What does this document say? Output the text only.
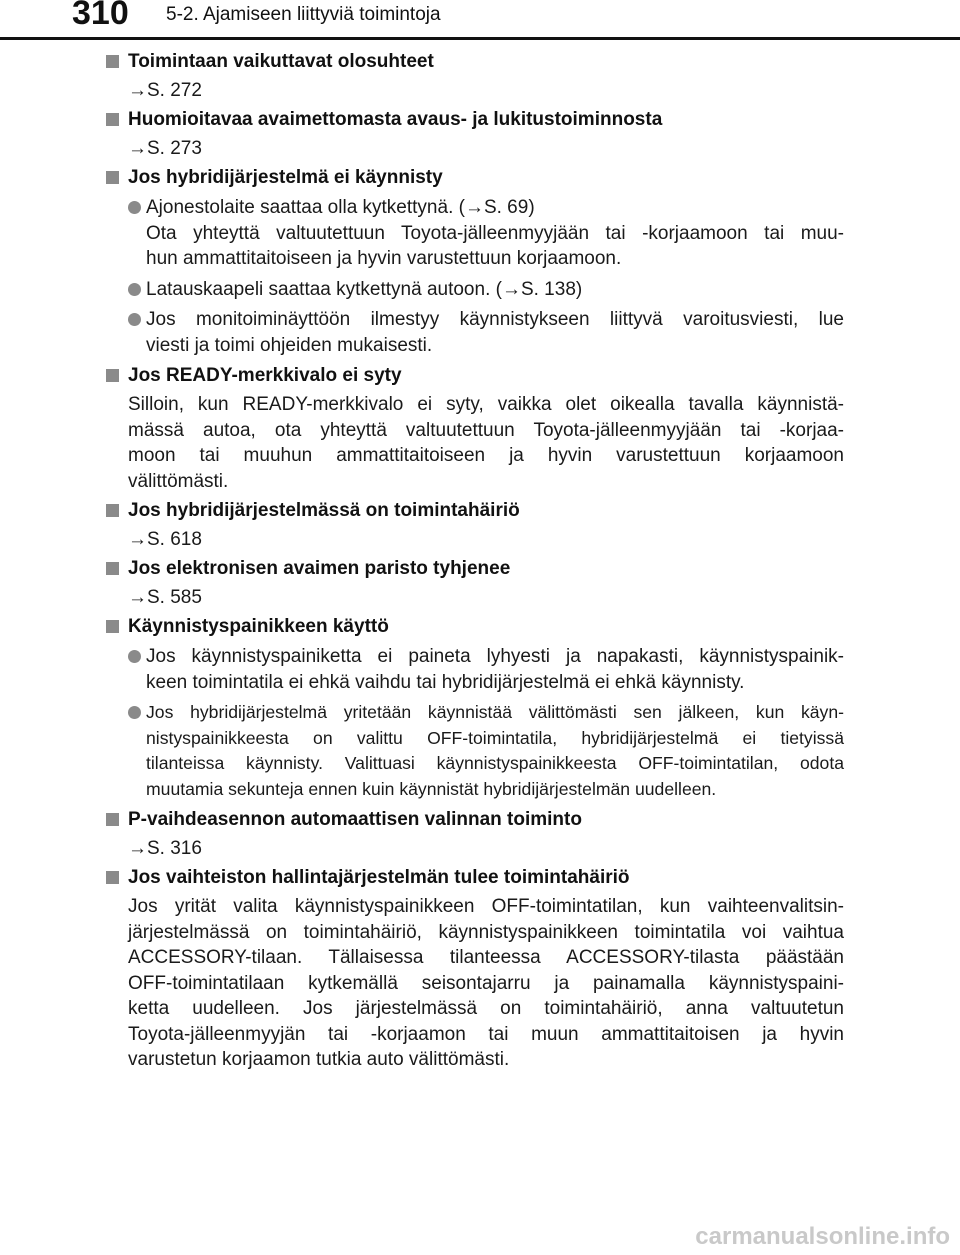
310 5-2. Ajamiseen liittyviä toimintoja
Toimintaan vaikuttavat olosuhteet
→S. 272
Huomioitavaa avaimettomasta avaus- ja lukitustoiminnosta
→S. 273
Jos hybridijärjestelmä ei käynnisty
Ajonestolaite saattaa olla kytkettynä. (→S. 69)
Ota yhteyttä valtuutettuun Toyota-jälleenmyyjään tai -korjaamoon tai muu-
hun ammattitaitoiseen ja hyvin varustettuun korjaamoon.
Latauskaapeli saattaa kytkettynä autoon. (→S. 138)
Jos monitoiminäyttöön ilmestyy käynnistykseen liittyvä varoitusviesti, lue
viesti ja toimi ohjeiden mukaisesti.
Jos READY-merkkivalo ei syty
Silloin, kun READY-merkkivalo ei syty, vaikka olet oikealla tavalla käynnistä-
mässä autoa, ota yhteyttä valtuutettuun Toyota-jälleenmyyjään tai -korjaa-
moon tai muuhun ammattitaitoiseen ja hyvin varustettuun korjaamoon
välittömästi.
Jos hybridijärjestelmässä on toimintahäiriö
→S. 618
Jos elektronisen avaimen paristo tyhjenee
→S. 585
Käynnistyspainikkeen käyttö
Jos käynnistyspainiketta ei paineta lyhyesti ja napakasti, käynnistyspainik-
keen toimintatila ei ehkä vaihdu tai hybridijärjestelmä ei ehkä käynnisty.
Jos hybridijärjestelmä yritetään käynnistää välittömästi sen jälkeen, kun käyn-
nistyspainikkeesta on valittu OFF-toimintatila, hybridijärjestelmä ei tietyissä
tilanteissa käynnisty. Valittuasi käynnistyspainikkeesta OFF-toimintatilan, odota
muutamia sekunteja ennen kuin käynnistät hybridijärjestelmän uudelleen.
P-vaihdeasennon automaattisen valinnan toiminto
→S. 316
Jos vaihteiston hallintajärjestelmän tulee toimintahäiriö
Jos yrität valita käynnistyspainikkeen OFF-toimintatilan, kun vaihteenvalitsin-
järjestelmässä on toimintahäiriö, käynnistyspainikkeen toimintatila voi vaihtua
ACCESSORY-tilaan. Tällaisessa tilanteessa ACCESSORY-tilasta päästään
OFF-toimintatilaan kytkemällä seisontajarru ja painamalla käynnistyspaini-
ketta uudelleen. Jos järjestelmässä on toimintahäiriö, anna valtuutetun
Toyota-jälleenmyyjän tai -korjaamon tai muun ammattitaitoisen ja hyvin
varustetun korjaamon tutkia auto välittömästi.
carmanualsonline.info
